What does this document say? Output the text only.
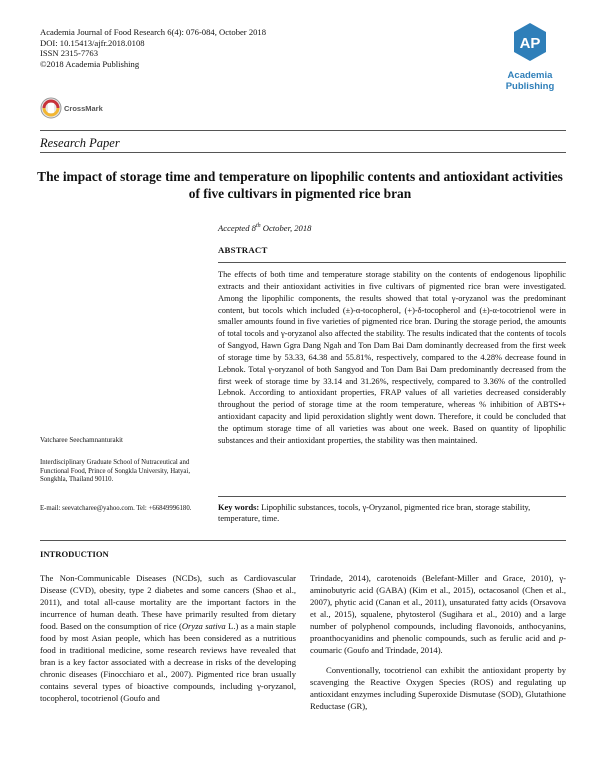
Academia Journal of Food Research 6(4): 076-084, October 2018
DOI: 10.15413/ajfr.2018.0108
ISSN 2315-7763
©2018 Academia Publishing
AP
Academia
Publishing
CrossMark
Research Paper
The impact of storage time and temperature on lipophilic contents and antioxidant activities of five cultivars in pigmented rice bran
Accepted 8th October, 2018
ABSTRACT
The effects of both time and temperature storage stability on the contents of endogenous lipophilic extracts and their antioxidant activities in five cultivars of pigmented rice bran were investigated. Among the lipophilic components, the results showed that total γ-oryzanol was the predominant content, but tocols which included (±)-α-tocopherol, (+)-δ-tocopherol and (±)-α-tocotrienol were in smaller amounts found in five varieties of pigmented rice bran. During the storage period, the amounts of total tocols and γ-oryzanol also affected the stability. The results indicated that the contents of tocols of Sangyod, Hawn Ggra Dang Ngah and Ton Dam Bai Dam dominantly decreased from the first week of storage time by 53.33, 64.38 and 55.81%, respectively, compared to the 4.28% decrease found in Lebnok. Total γ-oryzanol of both Sangyod and Ton Dam Bai Dam predominantly decreased from the first week of storage time by 33.14 and 31.26%, respectively, compared to 3.36% of the controlled Lebnok. According to antioxidant properties, FRAP values of all varieties decreased considerably throughout the period of storage time at the room temperature, whereas % inhibition of ABTS•+ antioxidant capacity and lipid peroxidation slightly went down. Therefore, it could be concluded that the optimum storage time of all varieties was about one week. Based on quantity of lipophilic substances and their antioxidant properties, the stability was then maintained.
Vatcharee Seechamnanturakit
Interdisciplinary Graduate School of Nutraceutical and Functional Food, Prince of Songkla University, Hatyai, Songkhla, Thailand 90110.
E-mail: seevatcharee@yahoo.com. Tel: +66849996180.	Key words: Lipophilic substances, tocols, γ-Oryzanol, pigmented rice bran, storage stability, temperature, time.
INTRODUCTION

The Non-Communicable Diseases (NCDs), such as Cardiovascular Disease (CVD), obesity, type 2 diabetes and some cancers (Shao et al., 2011), and total all-cause mortality are the important factors in the incurrence of human death. These have primarily resulted from dietary food. Based on the consumption of rice (Oryza sativa L.) as a main staple food by most Asian people, which has been considered as a nutritious food in traditional medicine, some research reviews have revealed that bran is a key factor associated with a decrease in risks of the developing chronic diseases (Finocchiaro et al., 2007). Pigmented rice bran usually contains several types of bioactive compounds, including γ-oryzanol, tocopherol, tocotrienol (Goufo and

Trindade, 2014), carotenoids (Belefant-Miller and Grace, 2010), γ-aminobutyric acid (GABA) (Kim et al., 2015), octacosanol (Chen et al., 2007), phytic acid (Canan et al., 2011), unsaturated fatty acids (Orsavova et al., 2015), squalene, phytosterol (Sugihara et al., 2010) and a large number of polyphenol compounds, including flavonoids, anthocyanins, proanthocyanidins and phenolic compounds, such as ferulic acid and p-coumaric (Goufo and Trindade, 2014).

Conventionally, tocotrienol can exhibit the antioxidant property by scavenging the Reactive Oxygen Species (ROS) and regulating up antioxidant enzymes including Superoxide Dismutase (SOD), Glutathione Reductase (GR),
